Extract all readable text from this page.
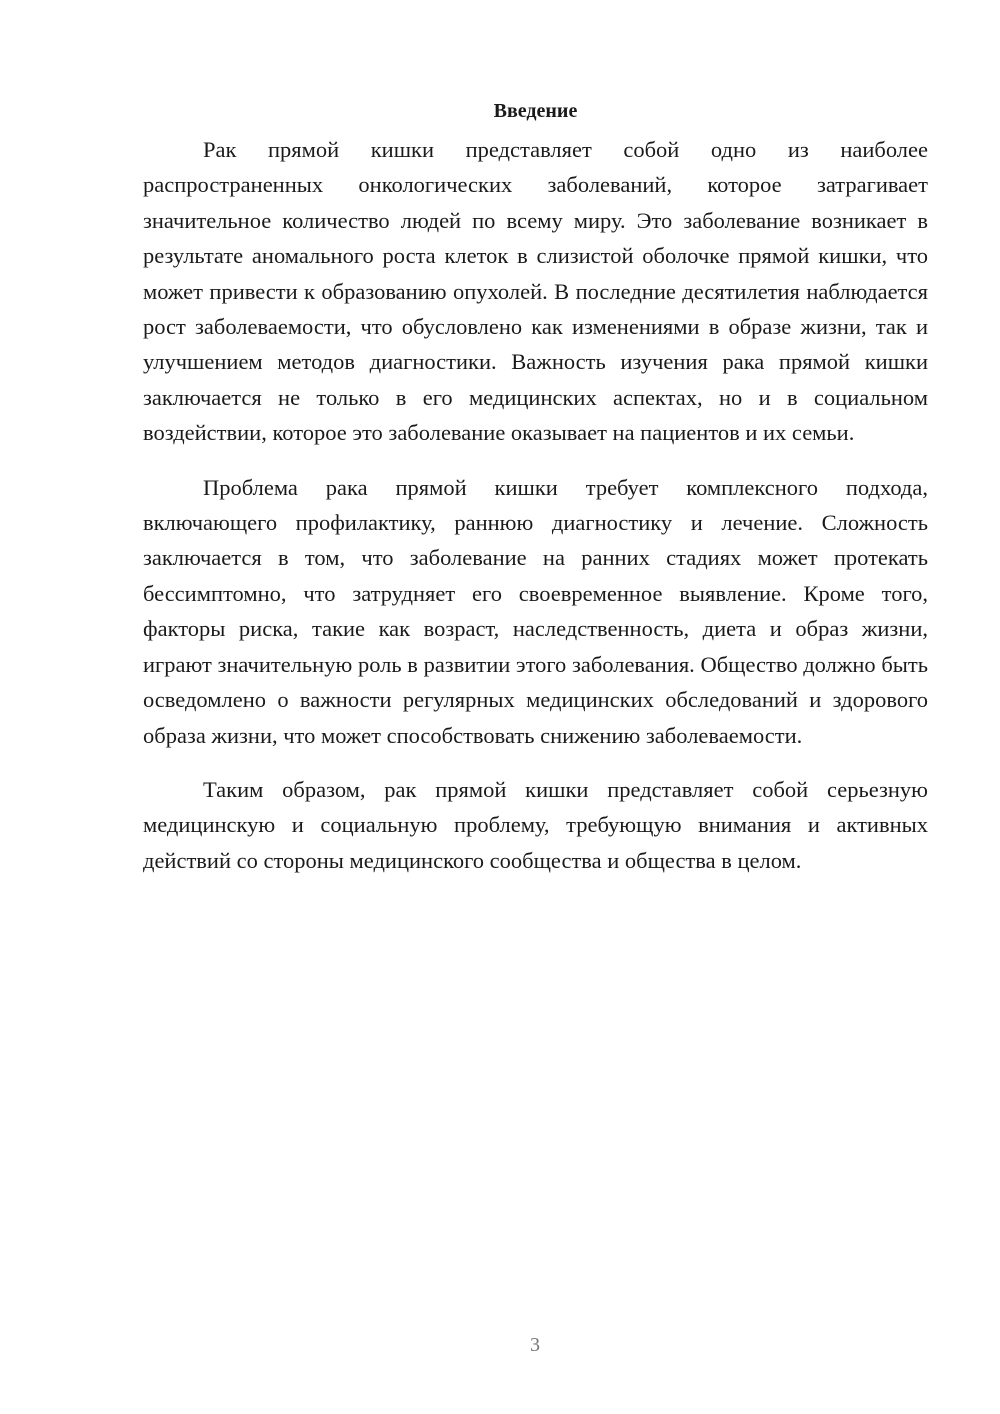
Введение

Рак прямой кишки представляет собой одно из наиболее распространенных онкологических заболеваний, которое затрагивает значительное количество людей по всему миру. Это заболевание возникает в результате аномального роста клеток в слизистой оболочке прямой кишки, что может привести к образованию опухолей. В последние десятилетия наблюдается рост заболеваемости, что обусловлено как изменениями в образе жизни, так и улучшением методов диагностики. Важность изучения рака прямой кишки заключается не только в его медицинских аспектах, но и в социальном воздействии, которое это заболевание оказывает на пациентов и их семьи.

Проблема рака прямой кишки требует комплексного подхода, включающего профилактику, раннюю диагностику и лечение. Сложность заключается в том, что заболевание на ранних стадиях может протекать бессимптомно, что затрудняет его своевременное выявление. Кроме того, факторы риска, такие как возраст, наследственность, диета и образ жизни, играют значительную роль в развитии этого заболевания. Общество должно быть осведомлено о важности регулярных медицинских обследований и здорового образа жизни, что может способствовать снижению заболеваемости.

Таким образом, рак прямой кишки представляет собой серьезную медицинскую и социальную проблему, требующую внимания и активных действий со стороны медицинского сообщества и общества в целом.

3
